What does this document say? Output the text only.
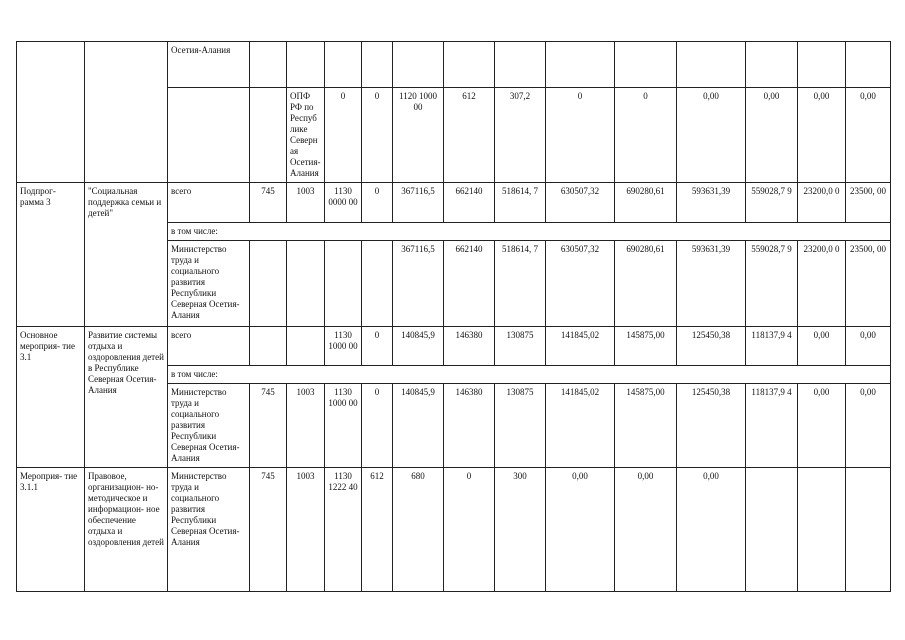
		Осетия-Алания														
				ОПФ РФ по Республике Северная Осетия-Алания	0	0	1120 1000 00	612	307,2	0	0	0,00	0,00	0,00	0,00		
Подпрог- рамма 3	"Социальная поддержка семьи и детей"	всего	745	1003	1130 0000 00	0	367116,5	662140	518614, 7	630507,32	690280,61	593631,39	559028,7 9	23200,0 0	23500, 00	
		в том числе:														
		Министерство труда и социального развития Республики Северная Осетия-Алания					367116,5	662140	518614, 7	630507,32	690280,61	593631,39	559028,7 9	23200,0 0	23500, 00	
Основное мероприя- тие 3.1	Развитие системы отдыха и оздоровления детей в Республике Северная Осетия-Алания	всего			1130 1000 00	0	140845,9	146380	130875	141845,02	145875,00	125450,38	118137,9 4	0,00	0,00	
		в том числе:														
		Министерство труда и социального развития Республики Северная Осетия-Алания	745	1003	1130 1000 00	0	140845,9	146380	130875	141845,02	145875,00	125450,38	118137,9 4	0,00	0,00	
Мероприя- тие 3.1.1	Правовое, организацион- но- методическое и информацион- ное обеспечение отдыха и оздоровления детей	Министерство труда и социального развития Республики Северная Осетия-Алания	745	1003	1130 1222 40	612	680	0	300	0,00	0,00	0,00				
